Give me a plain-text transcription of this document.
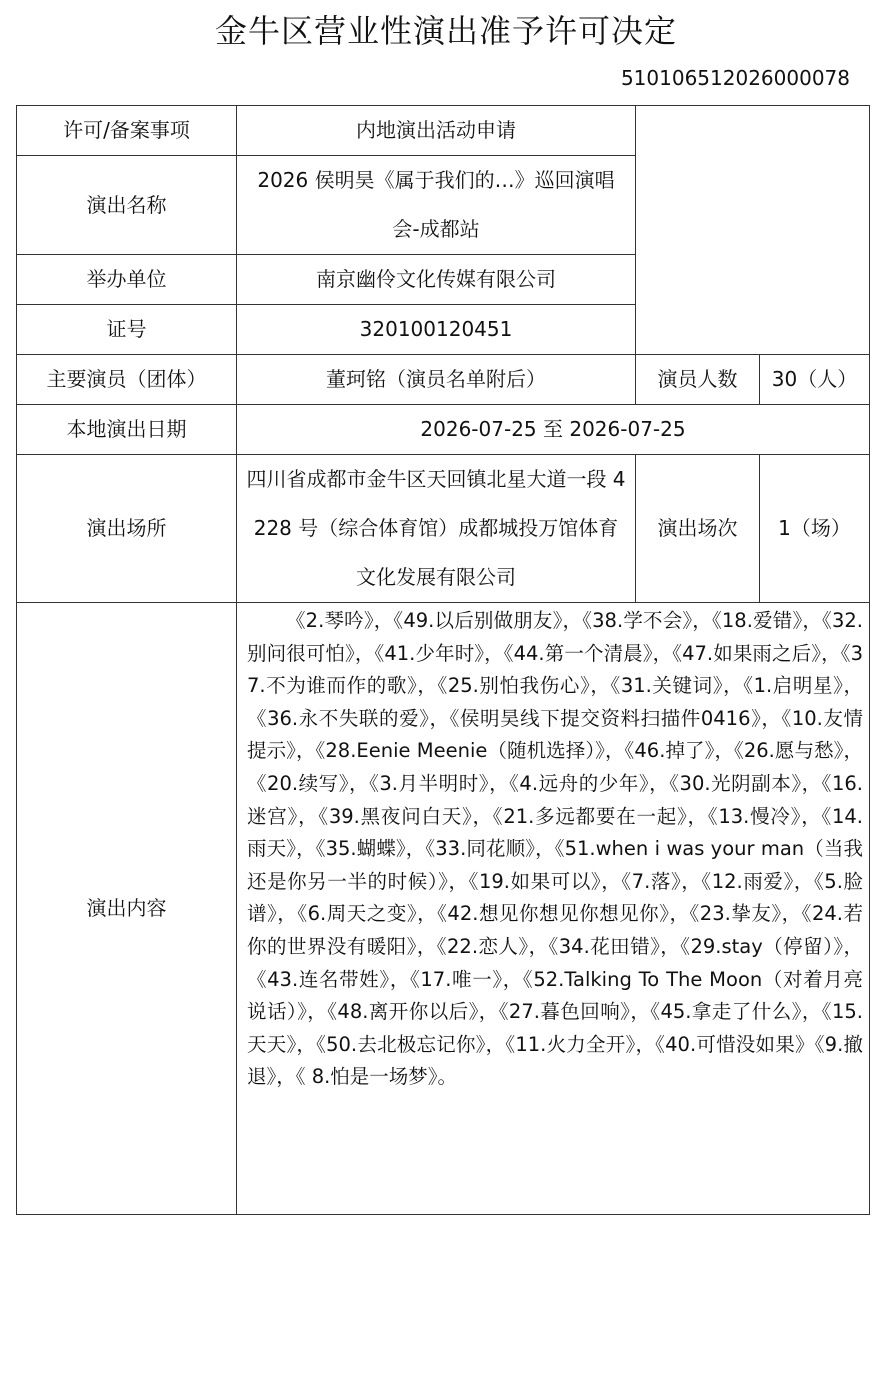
金牛区营业性演出准予许可决定
510106512026000078
许可/备案事项	内地演出活动申请		
演出名称	2026 侯明昊《属于我们的…》巡回演唱会-成都站		
举办单位	南京幽伶文化传媒有限公司		
证号	320100120451		
主要演员（团体）	董珂铭（演员名单附后）	演员人数	30（人）
本地演出日期	2026-07-25 至 2026-07-25		
演出场所	四川省成都市金牛区天回镇北星大道一段 4228 号（综合体育馆）成都城投万馆体育文化发展有限公司	演出场次	1（场）
演出内容	《2.琴吟》，《49.以后别做朋友》，《38.学不会》，《18.爱错》，《32.别问很可怕》，《41.少年时》，《44.第一个清晨》，《47.如果雨之后》，《37.不为谁而作的歌》，《25.别怕我伤心》，《31.关键词》，《1.启明星》，《36.永不失联的爱》，《侯明昊线下提交资料扫描件0416》，《10.友情提示》，《28.Eenie Meenie（随机选择）》，《46.掉了》，《26.愿与愁》，《20.续写》，《3.月半明时》，《4.远舟的少年》，《30.光阴副本》，《16.迷宫》，《39.黑夜问白天》，《21.多远都要在一起》，《13.慢冷》，《14. 雨天》，《35.蝴蝶》，《33.同花顺》，《51.when i was your man（当我还是你另一半的时候）》，《19.如果可以》，《7.落》，《12.雨爱》，《5.脸谱》，《6.周天之变》，《42.想见你想见你想见你》，《23.挚友》，《24.若你的世界没有暖阳》，《22.恋人》，《34.花田错》，《29.stay（停留）》，《43.连名带姓》，《17.唯一》，《52.Talking To The Moon（对着月亮说话）》，《48.离开你以后》，《27.暮色回响》，《45.拿走了什么》，《15.天天》，《50.去北极忘记你》，《11.火力全开》，《40.可惜没如果》《9.撤退》，《 8.怕是一场梦》。		
